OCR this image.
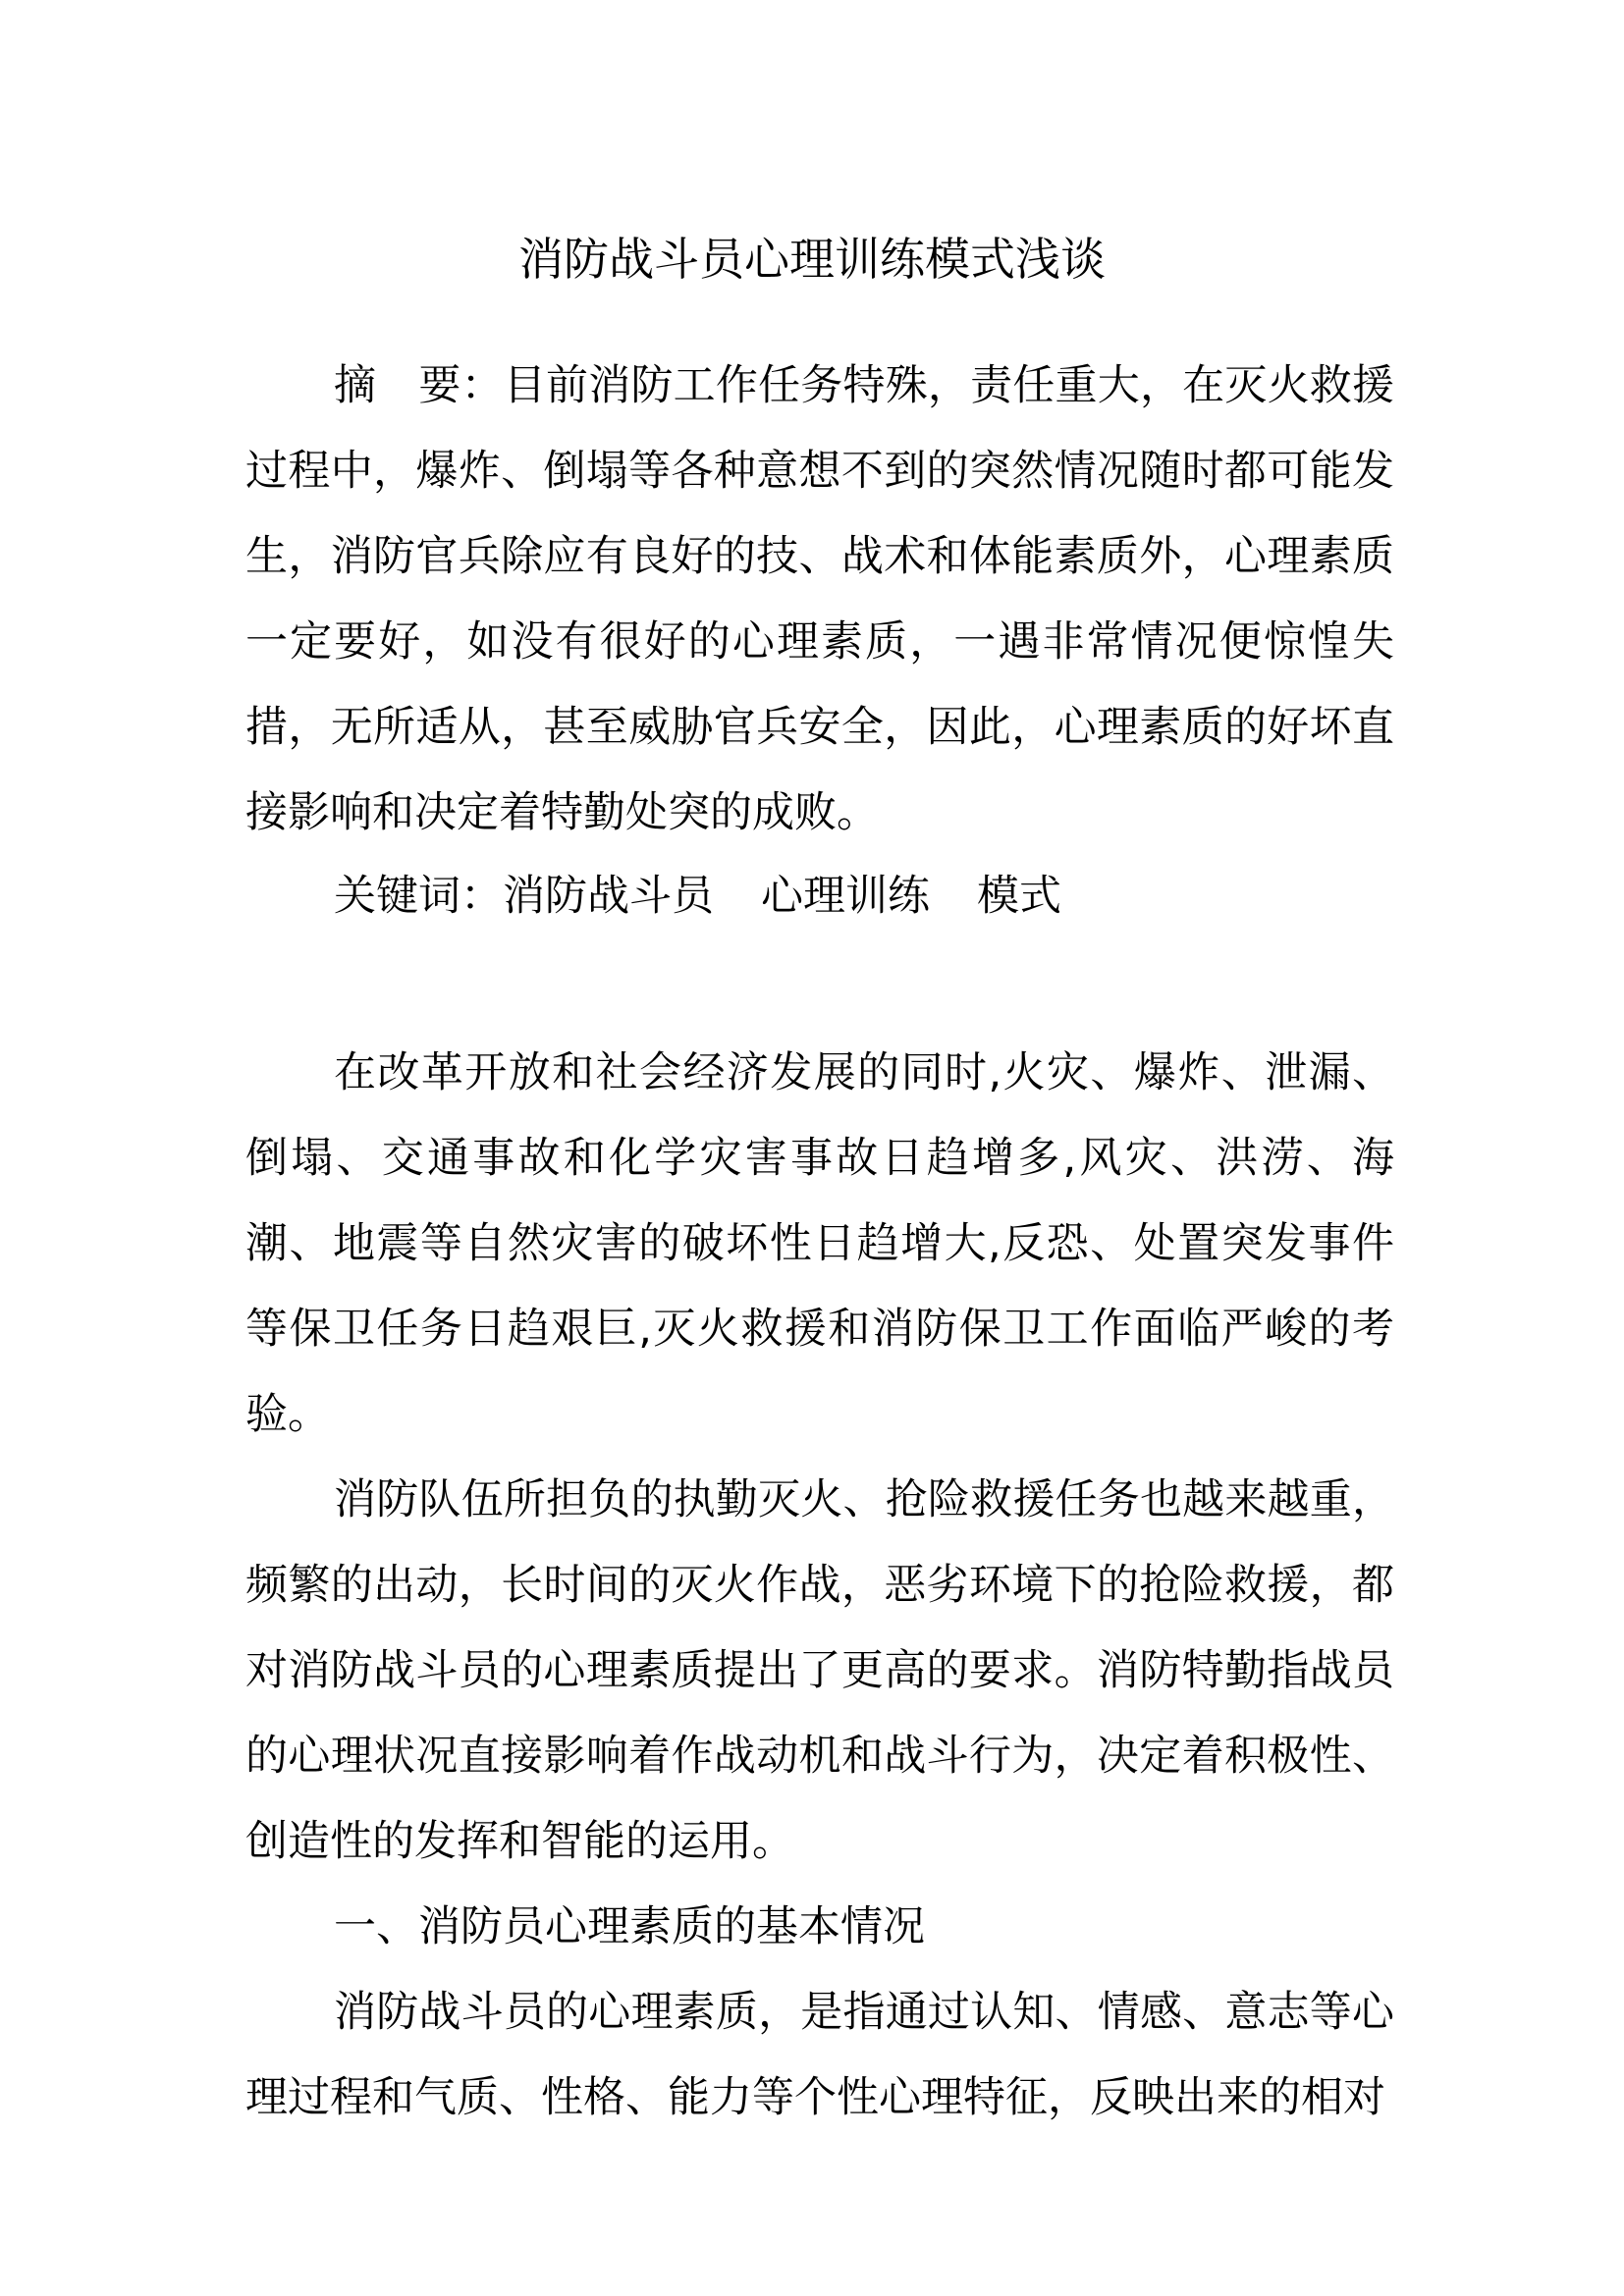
消防战斗员心理训练模式浅谈
摘　要：目前消防工作任务特殊，责任重大，在灭火救援过程中，爆炸、倒塌等各种意想不到的突然情况随时都可能发生，消防官兵除应有良好的技、战术和体能素质外，心理素质一定要好，如没有很好的心理素质，一遇非常情况便惊惶失措，无所适从，甚至威胁官兵安全，因此，心理素质的好坏直接影响和决定着特勤处突的成败。
关键词：消防战斗员 心理训练 模式

在改革开放和社会经济发展的同时,火灾、爆炸、泄漏、倒塌、交通事故和化学灾害事故日趋增多,风灾、洪涝、海潮、地震等自然灾害的破坏性日趋增大,反恐、处置突发事件等保卫任务日趋艰巨,灭火救援和消防保卫工作面临严峻的考验。

消防队伍所担负的执勤灭火、抢险救援任务也越来越重，频繁的出动，长时间的灭火作战，恶劣环境下的抢险救援，都对消防战斗员的心理素质提出了更高的要求。消防特勤指战员的心理状况直接影响着作战动机和战斗行为，决定着积极性、创造性的发挥和智能的运用。

一、消防员心理素质的基本情况

消防战斗员的心理素质，是指通过认知、情感、意志等心理过程和气质、性格、能力等个性心理特征，反映出来的相对
